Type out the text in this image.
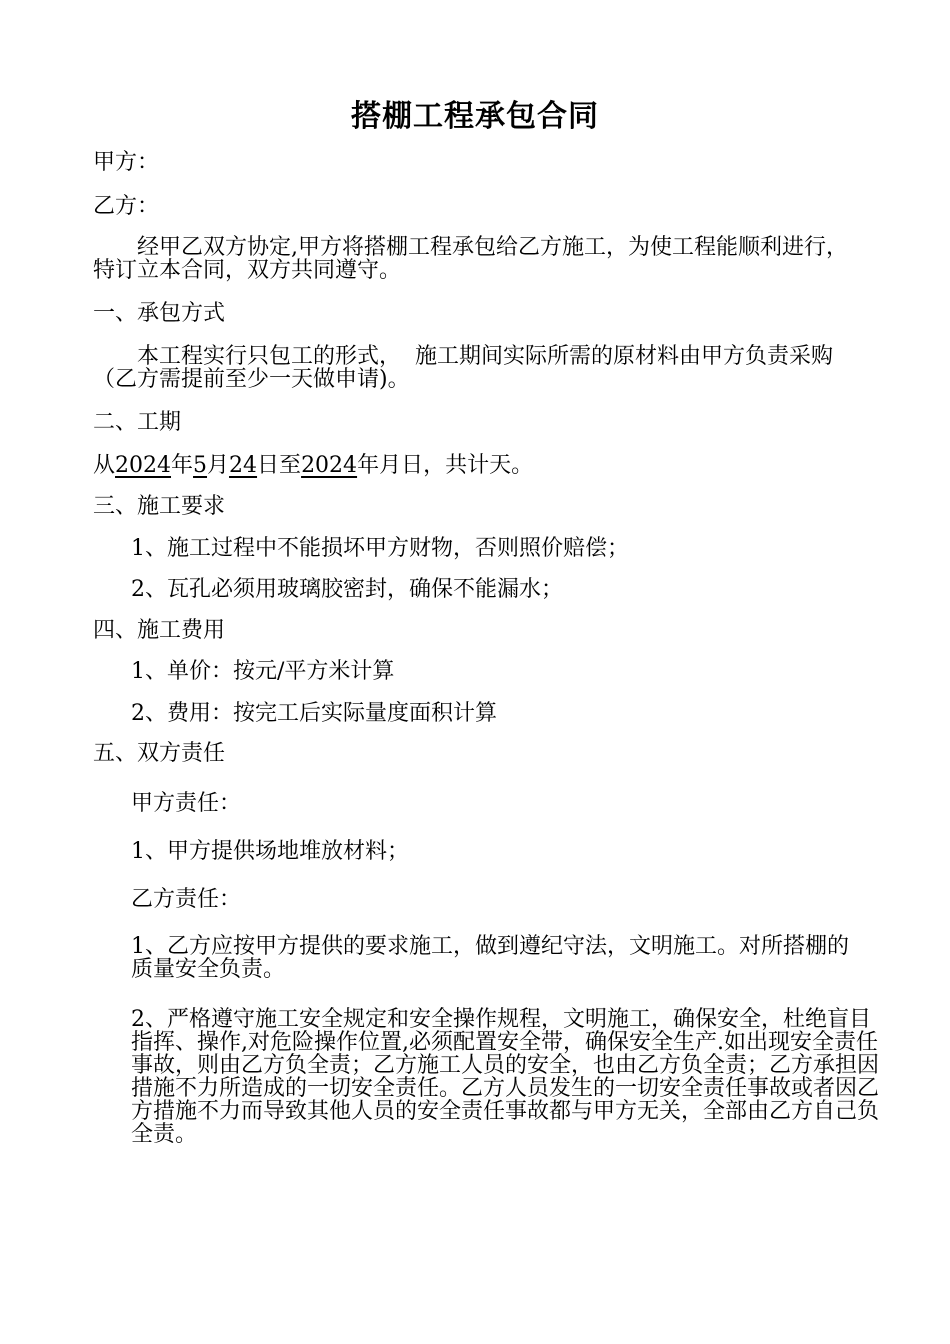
搭棚工程承包合同
甲方：
乙方：
经甲乙双方协定,甲方将搭棚工程承包给乙方施工，为使工程能顺利进行，特订立本合同，双方共同遵守。
一、承包方式
本工程实行只包工的形式，  施工期间实际所需的原材料由甲方负责采购（乙方需提前至少一天做申请)。
二、工期
从2024年5月24日至2024年月日，共计天。
三、施工要求
1、施工过程中不能损坏甲方财物，否则照价赔偿；
2、瓦孔必须用玻璃胶密封，确保不能漏水；
四、施工费用
1、单价：按元/平方米计算
2、费用：按完工后实际量度面积计算
五、双方责任
甲方责任：
1、甲方提供场地堆放材料；
乙方责任：
1、乙方应按甲方提供的要求施工，做到遵纪守法，文明施工。对所搭棚的质量安全负责。
2、严格遵守施工安全规定和安全操作规程，文明施工，确保安全，杜绝盲目指挥、操作,对危险操作位置,必须配置安全带，确保安全生产.如出现安全责任事故，则由乙方负全责；乙方施工人员的安全，也由乙方负全责；乙方承担因措施不力所造成的一切安全责任。乙方人员发生的一切安全责任事故或者因乙方措施不力而导致其他人员的安全责任事故都与甲方无关，全部由乙方自己负全责。
